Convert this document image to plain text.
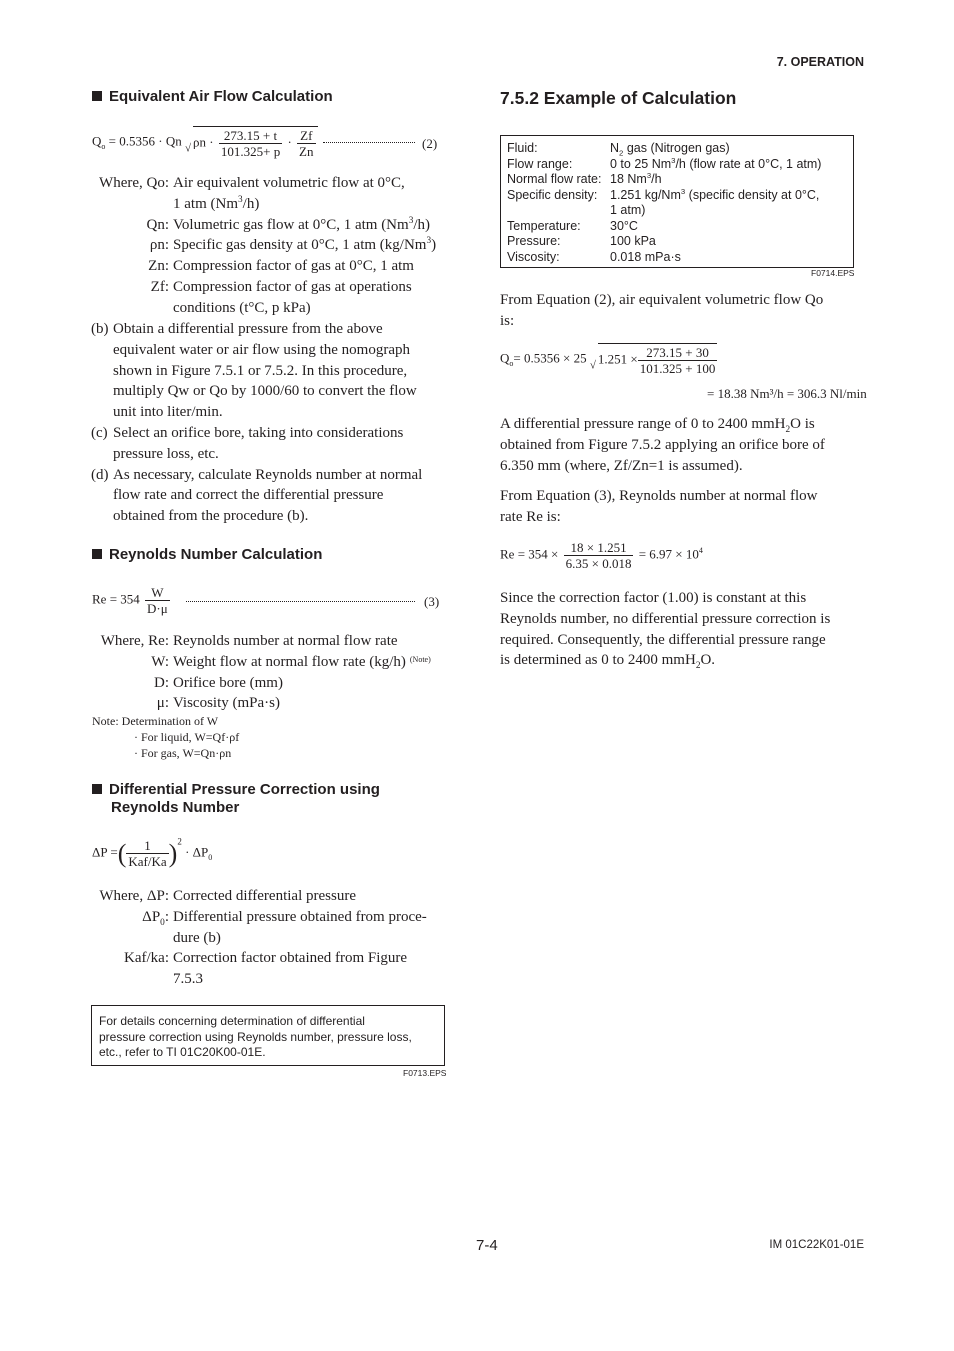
7. OPERATION
Equivalent Air Flow Calculation
$Q_o = 0.5356 \cdot Qn$ $_√$ $\rho n \cdot \frac{273.15 + t}{101.325+ p} \cdot \frac{Zf}{Zn}$	(2)
Where, Qo: Air equivalent volumetric flow at 0°C,
1 atm (Nm$^3$/h)
Qn: Volumetric gas flow at 0°C, 1 atm (Nm$^3$/h)
ρn: Specific gas density at 0°C, 1 atm (kg/Nm$^3$)
Zn: Compression factor of gas at 0°C, 1 atm
Zf: Compression factor of gas at operations
conditions (t°C, p kPa)
(b) Obtain a differential pressure from the above
equivalent water or air flow using the nomograph
shown in Figure 7.5.1 or 7.5.2. In this procedure,
multiply Qw or Qo by 1000/60 to convert the flow
unit into liter/min.
(c) Select an orifice bore, taking into considerations
pressure loss, etc.
(d) As necessary, calculate Reynolds number at normal
flow rate and correct the differential pressure
obtained from the procedure (b).
Reynolds Number Calculation
$Re = 354 \frac{W}{D\cdot\mu}$	(3)
Where, Re: Reynolds number at normal flow rate
W: Weight flow at normal flow rate (kg/h) $^{(Note)}$
D: Orifice bore (mm)
μ: Viscosity (mPa·s)
Note: Determination of W
· For liquid, W=Qf·ρf
· For gas, W=Qn·ρn
Differential Pressure Correction using
Reynolds Number
ΔP =( $\frac{1}{\text{Kaf/Ka}} )^2 \cdot \Delta P_0$
Where, ΔP: Corrected differential pressure
$\Delta P_0$: Differential pressure obtained from proce-
dure (b)
Kaf/ka: Correction factor obtained from Figure
7.5.3
For details concerning determination of differential
pressure correction using Reynolds number, pressure loss,
etc., refer to TI 01C20K00-01E.
F0713.EPS
7.5.2 Example of Calculation
Fluid:	$N_2$ gas (Nitrogen gas)
Flow range:	0 to 25 Nm$^3$/h (flow rate at 0°C, 1 atm)
Normal flow rate: 18 Nm$^3$/h
Specific density: 1.251 kg/Nm$^3$ (specific density at 0°C,
1 atm)
Temperature: 30°C
Pressure:	100 kPa
Viscosity:	0.018 mPa·s
F0714.EPS
From Equation (2), air equivalent volumetric flow Qo
is:
$Q_o= 0.5356 \times 25$ $_√$ $1.251 \times \frac{273.15 + 30}{101.325 + 100}$
= 18.38 Nm³/h = 306.3 Nl/min
A differential pressure range of 0 to 2400 mmH$_2$O is
obtained from Figure 7.5.2 applying an orifice bore of
6.350 mm (where, Zf/Zn=1 is assumed).
From Equation (3), Reynolds number at normal flow
rate Re is:
$Re = 354 \times \frac{18 \times 1.251}{6.35 \times 0.018} = 6.97 \times 10^4$
Since the correction factor (1.00) is constant at this
Reynolds number, no differential pressure correction is
required. Consequently, the differential pressure range
is determined as 0 to 2400 mmH$_2$O.
7-4	IM 01C22K01-01E
